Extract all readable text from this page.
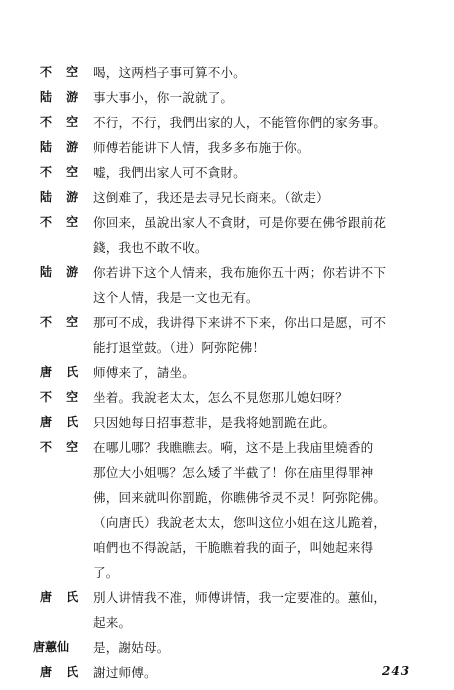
不 空 喝，这两档子事可算不小。
陆 游 事大事小，你一說就了。
不 空 不行，不行，我們出家的人，不能管你們的家务事。
陆 游 师傅若能讲下人情，我多多布施于你。
不 空 嘘，我們出家人可不貪財。
陆 游 这倒难了，我还是去寻兄长商来。（欲走）
不 空 你回来，虽說出家人不貪財，可是你要在佛爷跟前花
錢，我也不敢不收。
陆 游 你若讲下这个人情来，我布施你五十两；你若讲不下
这个人情，我是一文也无有。
不 空 那可不成，我讲得下来讲不下来，你出口是愿，可不
能打退堂鼓。（进）阿弥陀佛！
唐 氏 师傅来了，請坐。
不 空 坐着。我說老太太，怎么不見您那儿媳妇呀？
唐 氏 只因她每日招事惹非，是我将她罰跪在此。
不 空 在哪儿哪？我瞧瞧去。嗬，这不是上我庙里燒香的
那位大小姐嗎？怎么矮了半截了！你在庙里得罪神
佛，回来就叫你罰跪，你瞧佛爷灵不灵！阿弥陀佛。
（向唐氏）我說老太太，您叫这位小姐在这儿跪着，
咱們也不得說話，干脆瞧着我的面子，叫她起来得
了。
唐 氏 別人讲情我不准，师傅讲情，我一定要准的。蕙仙，
起来。
唐蕙仙	是，謝姑母。
唐 氏 謝过师傅。	243
